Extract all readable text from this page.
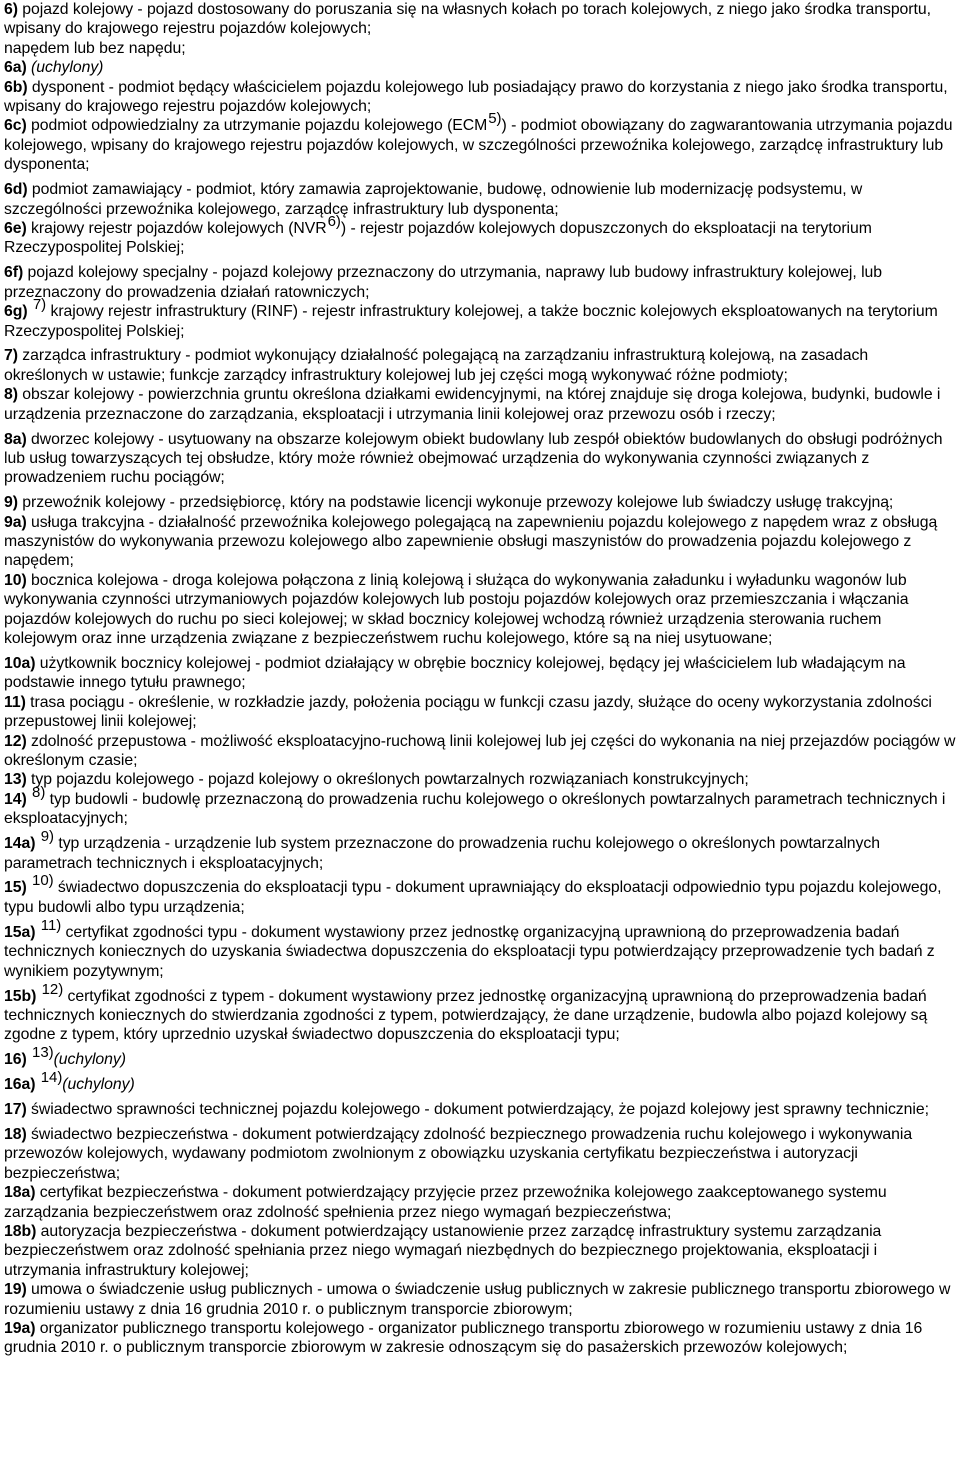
6) pojazd kolejowy - pojazd dostosowany do poruszania się na własnych kołach po torach kolejowych, z niego jako środka transportu, wpisany do krajowego rejestru pojazdów kolejowych;

napędem lub bez napędu;

6a) (uchylony)

6b) dysponent - podmiot będący właścicielem pojazdu kolejowego lub posiadający prawo do korzystania z niego jako środka transportu, wpisany do krajowego rejestru pojazdów kolejowych;

6c) podmiot odpowiedzialny za utrzymanie pojazdu kolejowego (ECM5)) - podmiot obowiązany do zagwarantowania utrzymania pojazdu kolejowego, wpisany do krajowego rejestru pojazdów kolejowych, w szczególności przewoźnika kolejowego, zarządcę infrastruktury lub dysponenta;

6d) podmiot zamawiający - podmiot, który zamawia zaprojektowanie, budowę, odnowienie lub modernizację podsystemu, w szczególności przewoźnika kolejowego, zarządcę infrastruktury lub dysponenta;

6e) krajowy rejestr pojazdów kolejowych (NVR6)) - rejestr pojazdów kolejowych dopuszczonych do eksploatacji na terytorium Rzeczypospolitej Polskiej;

6f) pojazd kolejowy specjalny - pojazd kolejowy przeznaczony do utrzymania, naprawy lub budowy infrastruktury kolejowej, lub przeznaczony do prowadzenia działań ratowniczych;

6g) 7) krajowy rejestr infrastruktury (RINF) - rejestr infrastruktury kolejowej, a także bocznic kolejowych eksploatowanych na terytorium Rzeczypospolitej Polskiej;

7) zarządca infrastruktury - podmiot wykonujący działalność polegającą na zarządzaniu infrastrukturą kolejową, na zasadach określonych w ustawie; funkcje zarządcy infrastruktury kolejowej lub jej części mogą wykonywać różne podmioty;

8) obszar kolejowy - powierzchnia gruntu określona działkami ewidencyjnymi, na której znajduje się droga kolejowa, budynki, budowle i urządzenia przeznaczone do zarządzania, eksploatacji i utrzymania linii kolejowej oraz przewozu osób i rzeczy;

8a) dworzec kolejowy - usytuowany na obszarze kolejowym obiekt budowlany lub zespół obiektów budowlanych do obsługi podróżnych lub usług towarzyszących tej obsłudze, który może również obejmować urządzenia do wykonywania czynności związanych z prowadzeniem ruchu pociągów;

9) przewoźnik kolejowy - przedsiębiorcę, który na podstawie licencji wykonuje przewozy kolejowe lub świadczy usługę trakcyjną;

9a) usługa trakcyjna - działalność przewoźnika kolejowego polegającą na zapewnieniu pojazdu kolejowego z napędem wraz z obsługą maszynistów do wykonywania przewozu kolejowego albo zapewnienie obsługi maszynistów do prowadzenia pojazdu kolejowego z napędem;

10) bocznica kolejowa - droga kolejowa połączona z linią kolejową i służąca do wykonywania załadunku i wyładunku wagonów lub wykonywania czynności utrzymaniowych pojazdów kolejowych lub postoju pojazdów kolejowych oraz przemieszczania i włączania pojazdów kolejowych do ruchu po sieci kolejowej; w skład bocznicy kolejowej wchodzą również urządzenia sterowania ruchem kolejowym oraz inne urządzenia związane z bezpieczeństwem ruchu kolejowego, które są na niej usytuowane;

10a) użytkownik bocznicy kolejowej - podmiot działający w obrębie bocznicy kolejowej, będący jej właścicielem lub władającym na podstawie innego tytułu prawnego;

11) trasa pociągu - określenie, w rozkładzie jazdy, położenia pociągu w funkcji czasu jazdy, służące do oceny wykorzystania zdolności przepustowej linii kolejowej;

12) zdolność przepustowa - możliwość eksploatacyjno-ruchową linii kolejowej lub jej części do wykonania na niej przejazdów pociągów w określonym czasie;

13) typ pojazdu kolejowego - pojazd kolejowy o określonych powtarzalnych rozwiązaniach konstrukcyjnych;

14) 8) typ budowli - budowlę przeznaczoną do prowadzenia ruchu kolejowego o określonych powtarzalnych parametrach technicznych i eksploatacyjnych;

14a) 9) typ urządzenia - urządzenie lub system przeznaczone do prowadzenia ruchu kolejowego o określonych powtarzalnych parametrach technicznych i eksploatacyjnych;

15) 10) świadectwo dopuszczenia do eksploatacji typu - dokument uprawniający do eksploatacji odpowiednio typu pojazdu kolejowego, typu budowli albo typu urządzenia;

15a) 11) certyfikat zgodności typu - dokument wystawiony przez jednostkę organizacyjną uprawnioną do przeprowadzenia badań technicznych koniecznych do uzyskania świadectwa dopuszczenia do eksploatacji typu potwierdzający przeprowadzenie tych badań z wynikiem pozytywnym;

15b) 12) certyfikat zgodności z typem - dokument wystawiony przez jednostkę organizacyjną uprawnioną do przeprowadzenia badań technicznych koniecznych do stwierdzania zgodności z typem, potwierdzający, że dane urządzenie, budowla albo pojazd kolejowy są zgodne z typem, który uprzednio uzyskał świadectwo dopuszczenia do eksploatacji typu;

16) 13)(uchylony)

16a) 14)(uchylony)

17) świadectwo sprawności technicznej pojazdu kolejowego - dokument potwierdzający, że pojazd kolejowy jest sprawny technicznie;

18) świadectwo bezpieczeństwa - dokument potwierdzający zdolność bezpiecznego prowadzenia ruchu kolejowego i wykonywania przewozów kolejowych, wydawany podmiotom zwolnionym z obowiązku uzyskania certyfikatu bezpieczeństwa i autoryzacji bezpieczeństwa;

18a) certyfikat bezpieczeństwa - dokument potwierdzający przyjęcie przez przewoźnika kolejowego zaakceptowanego systemu zarządzania bezpieczeństwem oraz zdolność spełnienia przez niego wymagań bezpieczeństwa;

18b) autoryzacja bezpieczeństwa - dokument potwierdzający ustanowienie przez zarządcę infrastruktury systemu zarządzania bezpieczeństwem oraz zdolność spełniania przez niego wymagań niezbędnych do bezpiecznego projektowania, eksploatacji i utrzymania infrastruktury kolejowej;

19) umowa o świadczenie usług publicznych - umowa o świadczenie usług publicznych w zakresie publicznego transportu zbiorowego w rozumieniu ustawy z dnia 16 grudnia 2010 r. o publicznym transporcie zbiorowym;

19a) organizator publicznego transportu kolejowego - organizator publicznego transportu zbiorowego w rozumieniu ustawy z dnia 16 grudnia 2010 r. o publicznym transporcie zbiorowym w zakresie odnoszącym się do pasażerskich przewozów kolejowych;
